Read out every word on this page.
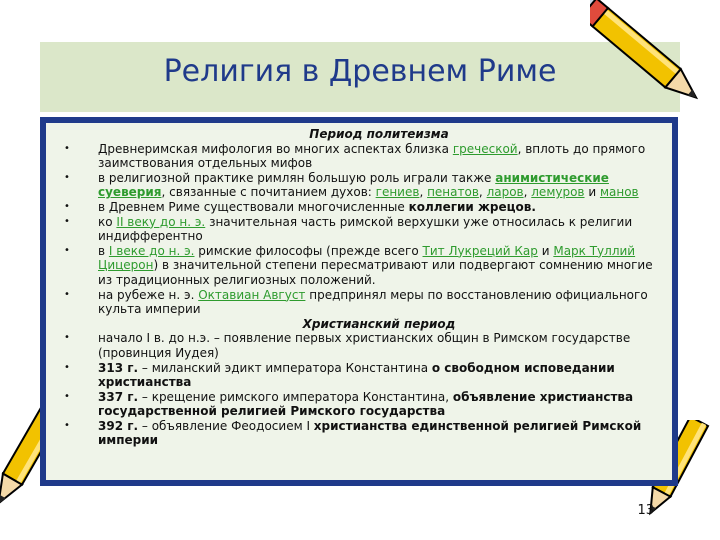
Религия в Древнем Риме
Период политеизма
• Древнеримская мифология во многих аспектах близка греческой, вплоть до прямого заимствования отдельных мифов
• в религиозной практике римлян большую роль играли также анимистические суеверия, связанные с почитанием духов: гениев, пенатов, ларов, лемуров и манов
• в Древнем Риме существовали многочисленные коллегии жрецов.
• ко II веку до н. э. значительная часть римской верхушки уже относилась к религии индифферентно
• в I веке до н. э. римские философы (прежде всего Тит Лукреций Кар и Марк Туллий Цицерон) в значительной степени пересматривают или подвергают сомнению многие из традиционных религиозных положений.
• на рубеже н. э. Октавиан Август предпринял меры по восстановлению официального культа империи
Христианский период
• начало I в. до н.э. – появление первых христианских общин в Римском государстве (провинция Иудея)
• 313 г. – миланский эдикт императора Константина о свободном исповедании христианства
• 337 г. – крещение римского императора Константина, объявление христианства государственной религией Римского государства
• 392 г. – объявление Феодосием I христианства единственной религией Римской империи
13
